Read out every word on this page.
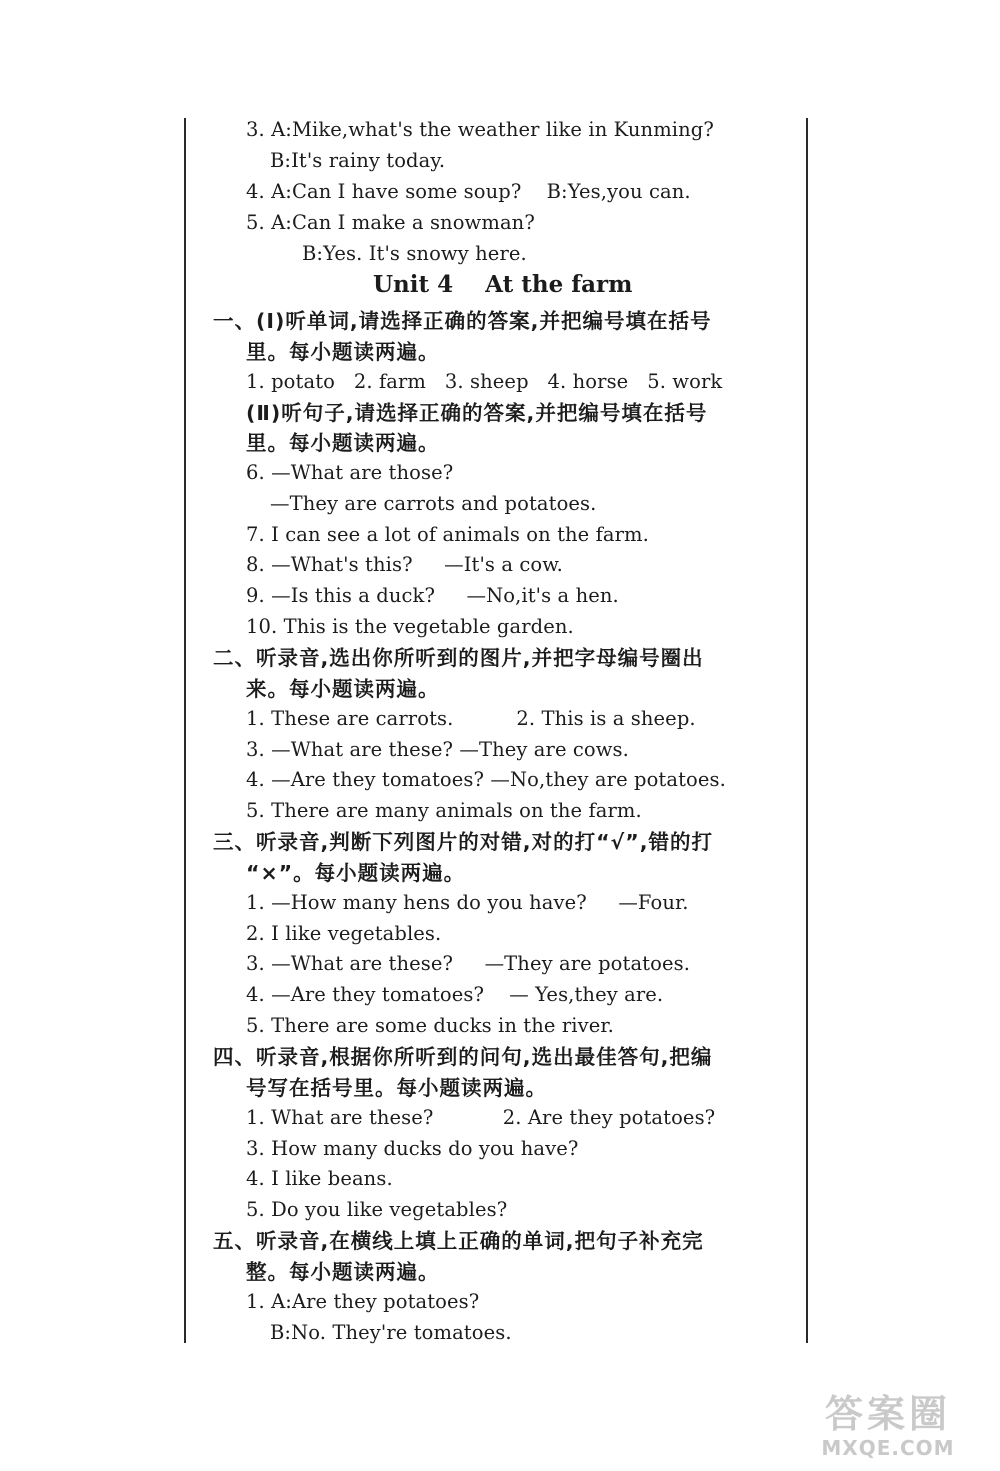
3. A:Mike,what's the weather like in Kunming?
B:It's rainy today.
4. A:Can I have some soup?    B:Yes,you can.
5. A:Can I make a snowman?
B:Yes. It's snowy here.
Unit 4    At the farm
一、(Ⅰ)听单词,请选择正确的答案,并把编号填在括号
里。每小题读两遍。
1. potato   2. farm   3. sheep   4. horse   5. work
(Ⅱ)听句子,请选择正确的答案,并把编号填在括号
里。每小题读两遍。
6. —What are those?
—They are carrots and potatoes.
7. I can see a lot of animals on the farm.
8. —What's this?     —It's a cow.
9. —Is this a duck?     —No,it's a hen.
10. This is the vegetable garden.
二、听录音,选出你所听到的图片,并把字母编号圈出
来。每小题读两遍。
1. These are carrots.          2. This is a sheep.
3. —What are these? —They are cows.
4. —Are they tomatoes? —No,they are potatoes.
5. There are many animals on the farm.
三、听录音,判断下列图片的对错,对的打“√”,错的打
“×”。每小题读两遍。
1. —How many hens do you have?     —Four.
2. I like vegetables.
3. —What are these?     —They are potatoes.
4. —Are they tomatoes?    — Yes,they are.
5. There are some ducks in the river.
四、听录音,根据你所听到的问句,选出最佳答句,把编
号写在括号里。每小题读两遍。
1. What are these?           2. Are they potatoes?
3. How many ducks do you have?
4. I like beans.
5. Do you like vegetables?
五、听录音,在横线上填上正确的单词,把句子补充完
整。每小题读两遍。
1. A:Are they potatoes?
B:No. They're tomatoes.
答案圈
MXQE.COM
